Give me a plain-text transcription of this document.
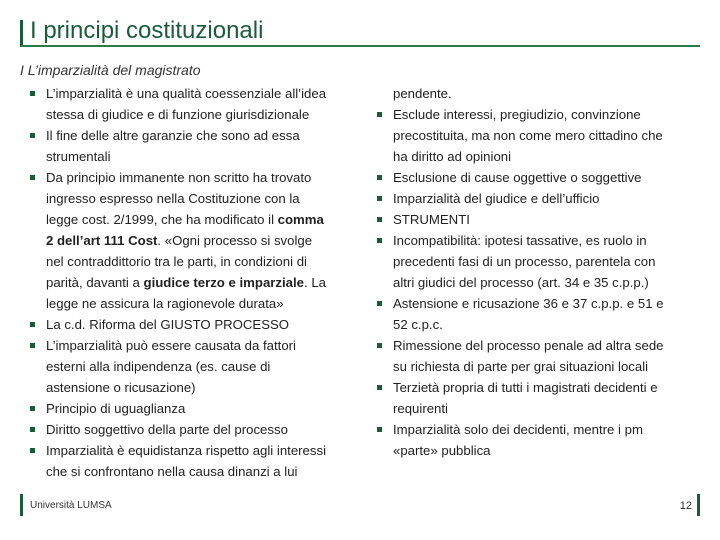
I principi costituzionali
I L’imparzialità del magistrato
L’imparzialità è una qualità coessenziale all’idea
stessa di giudice e di funzione giurisdizionale
Il fine delle altre garanzie che sono ad essa
strumentali
Da principio immanente non scritto ha trovato
ingresso espresso nella Costituzione con la
legge cost. 2/1999, che ha modificato il comma
2 dell’art 111 Cost. «Ogni processo si svolge
nel contraddittorio tra le parti, in condizioni di
parità, davanti a giudice terzo e imparziale. La
legge ne assicura la ragionevole durata»
La c.d. Riforma del GIUSTO PROCESSO
L’imparzialità può essere causata da fattori
esterni alla indipendenza (es. cause di
astensione o ricusazione)
Principio di uguaglianza
Diritto soggettivo della parte del processo
Imparzialità è equidistanza rispetto agli interessi
che si confrontano nella causa dinanzi a lui
pendente.
Esclude interessi, pregiudizio, convinzione
precostituita, ma non come mero cittadino che
ha diritto ad opinioni
Esclusione di cause oggettive o soggettive
Imparzialità del giudice e dell’ufficio
STRUMENTI
Incompatibilità: ipotesi tassative, es ruolo in
precedenti fasi di un processo, parentela con
altri giudici del processo (art. 34 e 35 c.p.p.)
Astensione e ricusazione 36 e 37 c.p.p. e 51 e
52 c.p.c.
Rimessione del processo penale ad altra sede
su richiesta di parte per grai situazioni locali
Terzietà propria di tutti i magistrati decidenti e
requirenti
Imparzialità solo dei decidenti, mentre i pm
«parte» pubblica
Università LUMSA	12
